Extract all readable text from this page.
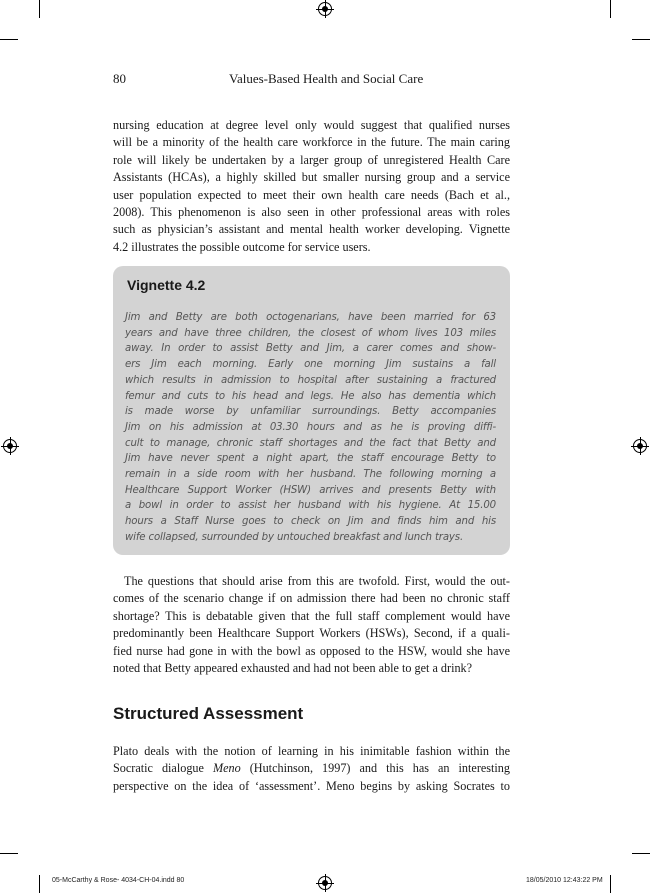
80	Values-Based Health and Social Care

nursing education at degree level only would suggest that qualified nurses
will be a minority of the health care workforce in the future. The main caring
role will likely be undertaken by a larger group of unregistered Health Care
Assistants (HCAs), a highly skilled but smaller nursing group and a service
user population expected to meet their own health care needs (Bach et al.,
2008). This phenomenon is also seen in other professional areas with roles
such as physician’s assistant and mental health worker developing. Vignette
4.2 illustrates the possible outcome for service users.

Vignette 4.2
Jim and Betty are both octogenarians, have been married for 63
years and have three children, the closest of whom lives 103 miles
away. In order to assist Betty and Jim, a carer comes and show-
ers Jim each morning. Early one morning Jim sustains a fall
which results in admission to hospital after sustaining a fractured
femur and cuts to his head and legs. He also has dementia which
is made worse by unfamiliar surroundings. Betty accompanies
Jim on his admission at 03.30 hours and as he is proving diffi-
cult to manage, chronic staff shortages and the fact that Betty and
Jim have never spent a night apart, the staff encourage Betty to
remain in a side room with her husband. The following morning a
Healthcare Support Worker (HSW) arrives and presents Betty with
a bowl in order to assist her husband with his hygiene. At 15.00
hours a Staff Nurse goes to check on Jim and finds him and his
wife collapsed, surrounded by untouched breakfast and lunch trays.

The questions that should arise from this are twofold. First, would the out-
comes of the scenario change if on admission there had been no chronic staff
shortage? This is debatable given that the full staff complement would have
predominantly been Healthcare Support Workers (HSWs), Second, if a quali-
fied nurse had gone in with the bowl as opposed to the HSW, would she have
noted that Betty appeared exhausted and had not been able to get a drink?

Structured Assessment

Plato deals with the notion of learning in his inimitable fashion within the
Socratic dialogue Meno (Hutchinson, 1997) and this has an interesting
perspective on the idea of ‘assessment’. Meno begins by asking Socrates to

05-McCarthy & Rose- 4034-CH-04.indd 80	18/05/2010 12:43:22 PM
